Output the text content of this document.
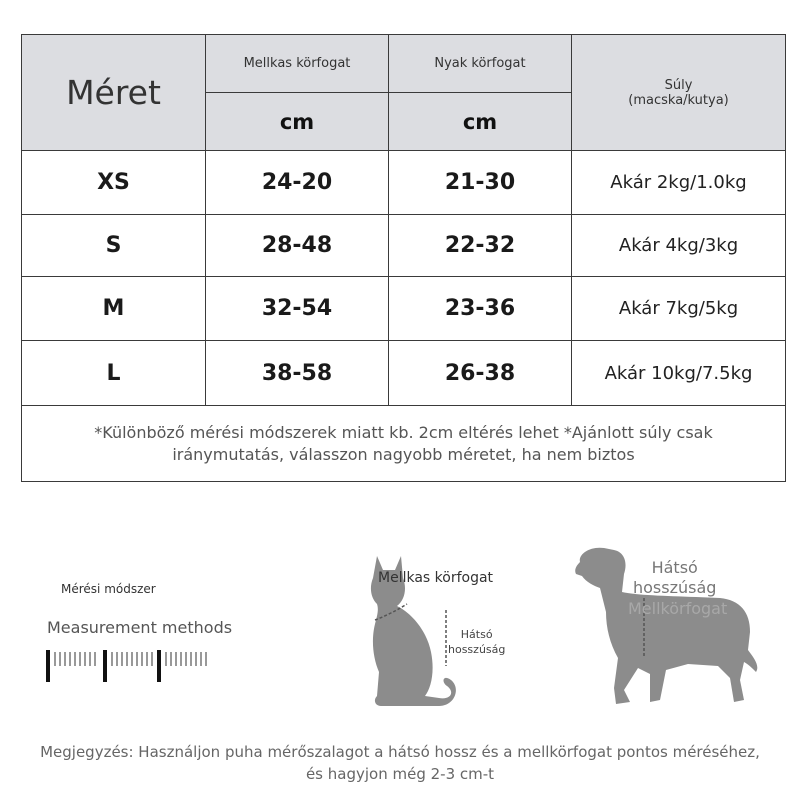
Méret	Mellkas körfogat	Nyak körfogat	Súly
(macska/kutya)

	cm	cm	
XS	24-20	21-30	Akár 2kg/1.0kg
S	28-48	22-32	Akár 4kg/3kg
M	32-54	23-36	Akár 7kg/5kg
L	38-58	26-38	Akár 10kg/7.5kg
*Különböző mérési módszerek miatt kb. 2cm eltérés lehet *Ajánlott súly csak iránymutatás, válasszon nagyobb méretet, ha nem biztos			
Mérési módszer
Measurement methods
Mellkas körfogat
Hátsó
hosszúság
Hátsó
hosszúság
Mellkörfogat
Megjegyzés: Használjon puha mérőszalagot a hátsó hossz és a mellkörfogat pontos méréséhez, és hagyjon még 2-3 cm-t
